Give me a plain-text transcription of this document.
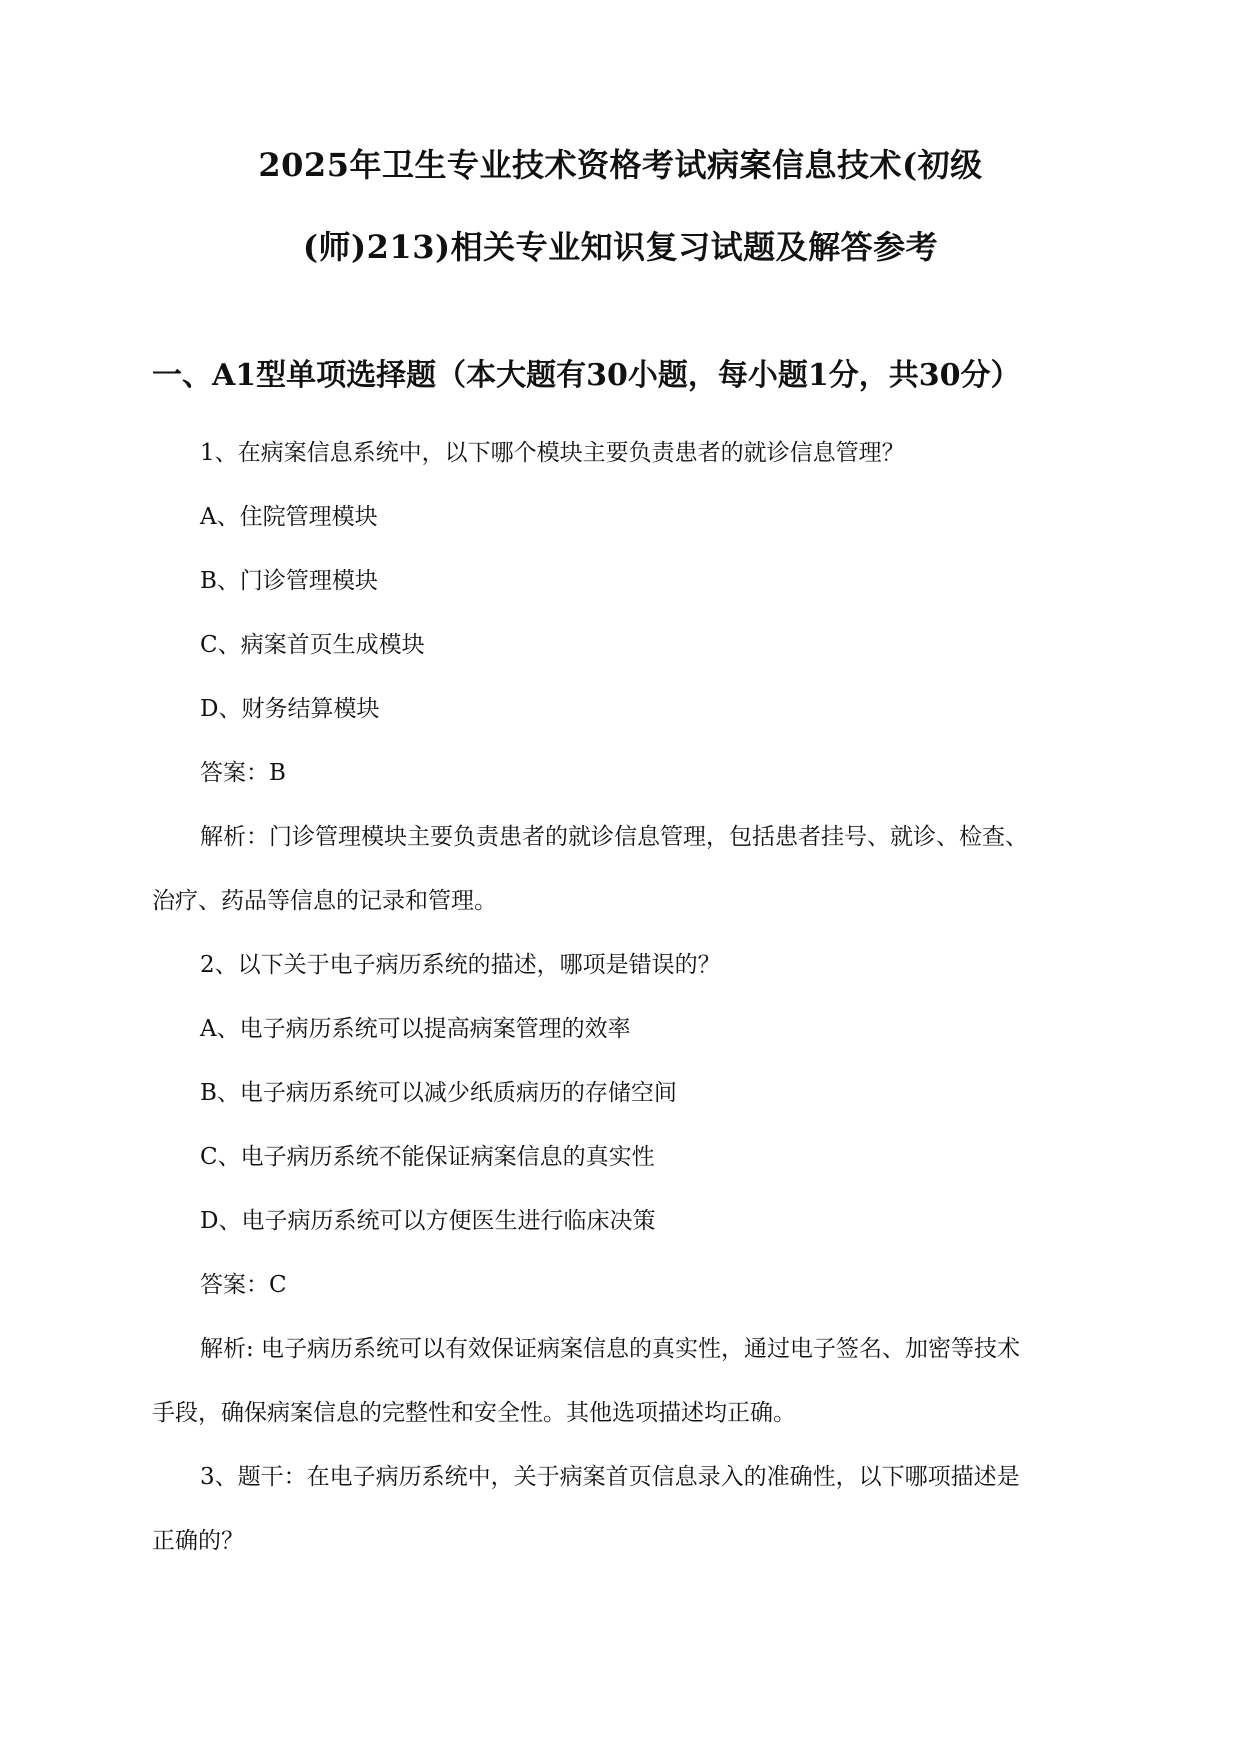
2025年卫生专业技术资格考试病案信息技术(初级
(师)213)相关专业知识复习试题及解答参考
一、A1型单项选择题（本大题有30小题，每小题1分，共30分）
1、在病案信息系统中，以下哪个模块主要负责患者的就诊信息管理？
A、住院管理模块
B、门诊管理模块
C、病案首页生成模块
D、财务结算模块
答案：B
解析：门诊管理模块主要负责患者的就诊信息管理，包括患者挂号、就诊、检查、
治疗、药品等信息的记录和管理。
2、以下关于电子病历系统的描述，哪项是错误的？
A、电子病历系统可以提高病案管理的效率
B、电子病历系统可以减少纸质病历的存储空间
C、电子病历系统不能保证病案信息的真实性
D、电子病历系统可以方便医生进行临床决策
答案：C
解析: 电子病历系统可以有效保证病案信息的真实性，通过电子签名、加密等技术
手段，确保病案信息的完整性和安全性。其他选项描述均正确。
3、题干：在电子病历系统中，关于病案首页信息录入的准确性，以下哪项描述是
正确的？
